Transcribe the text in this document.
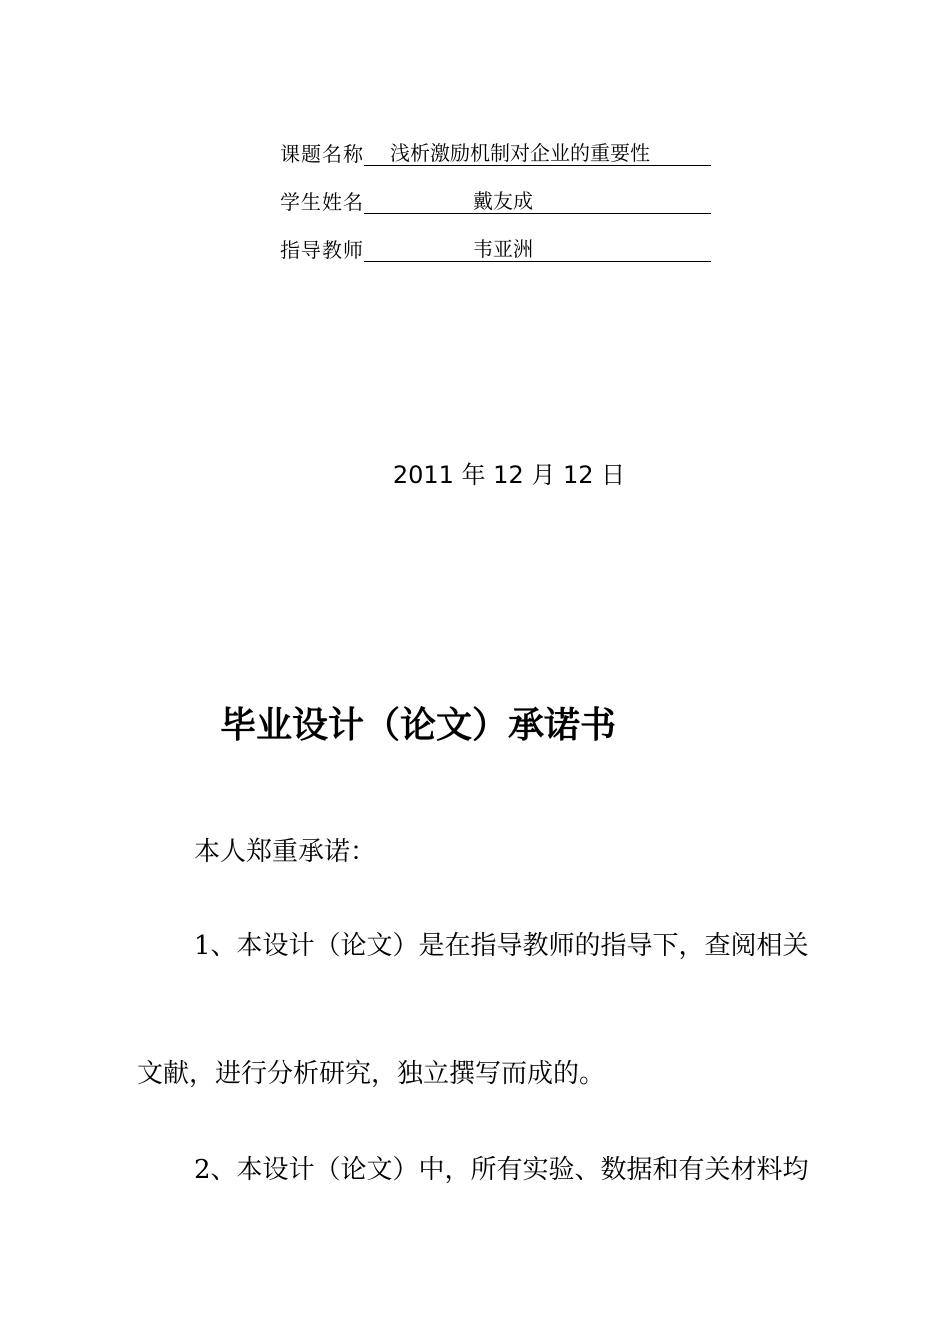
课题名称	浅析激励机制对企业的重要性
学生姓名	戴友成
指导教师	韦亚洲
2011 年 12 月 12 日
毕业设计（论文）承诺书
本人郑重承诺：
1、本设计（论文）是在指导教师的指导下，查阅相关
文献，进行分析研究，独立撰写而成的。
2、本设计（论文）中，所有实验、数据和有关材料均
